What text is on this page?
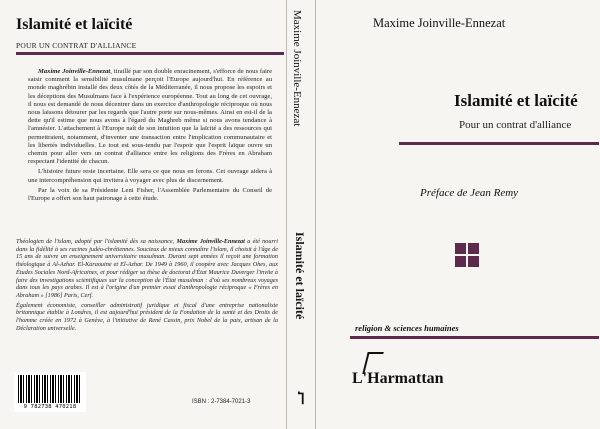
Islamité et laïcité
POUR UN CONTRAT D'ALLIANCE

Maxime Joinville-Ennezat, tiraillé par son double enracinement, s'efforce de nous faire saisir comment la sensibilité musulmane perçoit l'Europe aujourd'hui. En référence au monde maghrébin installé des deux côtés de la Méditerranée, il nous propose les espoirs et les déceptions des Musulmans face à l'expérience européenne. Tout au long de cet ouvrage, il nous est demandé de nous décentrer dans un exercice d'anthropologie réciproque où nous nous laissons détourer par les regards que l'autre porte sur nous-mêmes. Ainsi en est-il de la dette qu'il estime que nous avons à l'égard du Maghreb même si nous avons tendance à l'amnésier. L'attachement à l'Europe naît de son intuition que la laïcité a des ressources qui permettraient, notamment, d'inventer une transaction entre l'implication communautaire et les libertés individuelles. Le tout est sous-tendu par l'espoir que l'esprit laïque ouvre un chemin pour aller vers un contrat d'alliance entre les religions des Frères en Abraham respectant l'identité de chacun.

L'histoire future reste incertaine. Elle sera ce que nous en ferons. Cet ouvrage aidera à une intercompréhension qui invitera à voyager avec plus de discernement.

Par la voix de sa Présidente Leni Fisher, l'Assemblée Parlementaire du Conseil de l'Europe a offert son haut patronage à cette étude.

Théologien de l'islam, adopté par l'islamité dès sa naissance, Maxime Joinville-Ennezat a été nourri dans la fidélité à ses racines judéo-chrétiennes. Soucieux de mieux connaître l'islam, il choisit à l'âge de 15 ans de suivre un enseignement universitaire musulman. Durant sept années il reçoit une formation théologique à Al-Azhar. El-Karaouine et El-Azhar. De 1949 à 1960, il coopère avec Jacques Ohes, aux Études Sociales Nord-Africaines, et pour rédiger sa thèse de doctorat d'État Maurice Duverger l'invite à faire des investigations scientifiques sur la conception de l'État musulman : d'où ses nombreux voyages dans tous les pays arabes. Il est à l'origine d'un premier essai d'anthropologie réciproque « Frères en Abraham » [1986] Paris, Cerf.

Également économiste, conseiller administratif juridique et fiscal d'une entreprise nationaliste britannique établie à Londres, il est aujourd'hui président de la Fondation de la santé et des Droits de l'homme créée en 1972 à Genève, à l'initiative de René Cassin, prix Nobel de la paix, artisan de la Déclaration universelle.

9 782738 470218
ISBN : 2-7384-7021-3
Maxime Joinville-Ennezat
Islamité et laïcité
Ⴈ
Maxime Joinville-Ennezat
Islamité et laïcité
Pour un contrat d'alliance
Préface de Jean Remy
religion & sciences humaines
L'Harmattan
